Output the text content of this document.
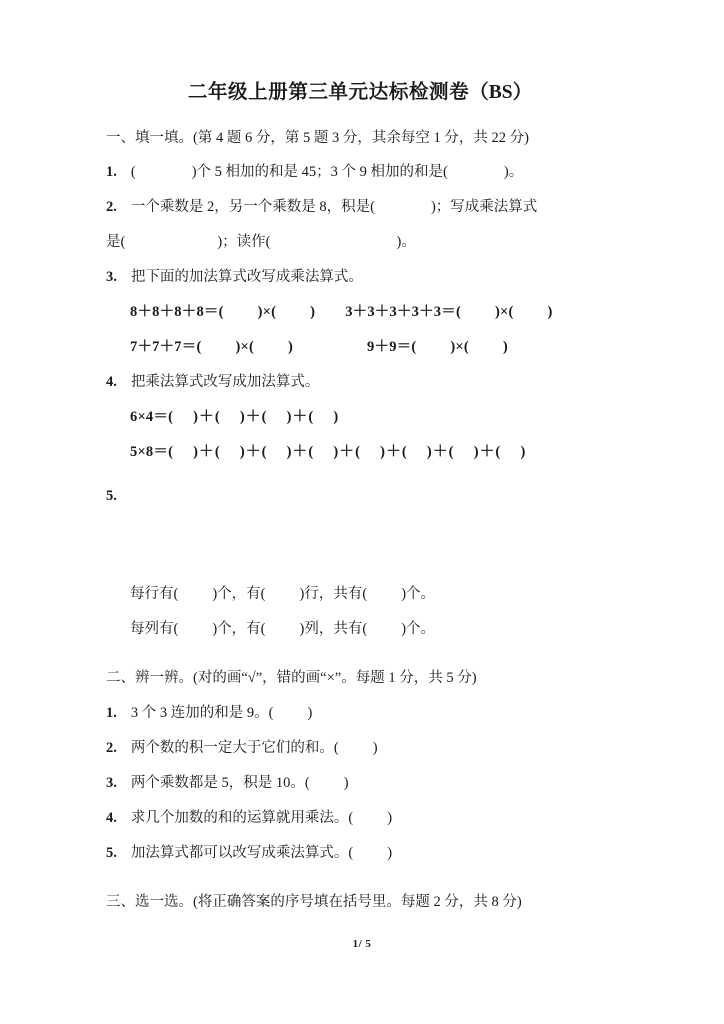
二年级上册第三单元达标检测卷（BS）
一、填一填。(第 4 题 6 分，第 5 题 3 分，其余每空 1 分，共 22 分)
1. (	)个 5 相加的和是 45；3 个 9 相加的和是(	)。
2. 一个乘数是 2，另一个乘数是 8，积是(	)；写成乘法算式
是(	)；读作(	)。
3. 把下面的加法算式改写成乘法算式。
8＋8＋8＋8＝( )×( ) 3＋3＋3＋3＋3＝( )×( )
7＋7＋7＝( )×( )	9＋9＝( )×( )
4. 把乘法算式改写成加法算式。
6×4＝( )＋( )＋( )＋( )
5×8＝( )＋( )＋( )＋( )＋( )＋( )＋( )＋( )
5.
每行有( )个，有( )行，共有( )个。
每列有( )个，有( )列，共有( )个。
二、辨一辨。(对的画“√”，错的画“×”。每题 1 分，共 5 分)
1. 3 个 3 连加的和是 9。( )
2. 两个数的积一定大于它们的和。( )
3. 两个乘数都是 5，积是 10。( )
4. 求几个加数的和的运算就用乘法。( )
5. 加法算式都可以改写成乘法算式。( )
三、选一选。(将正确答案的序号填在括号里。每题 2 分，共 8 分)
1/ 5
